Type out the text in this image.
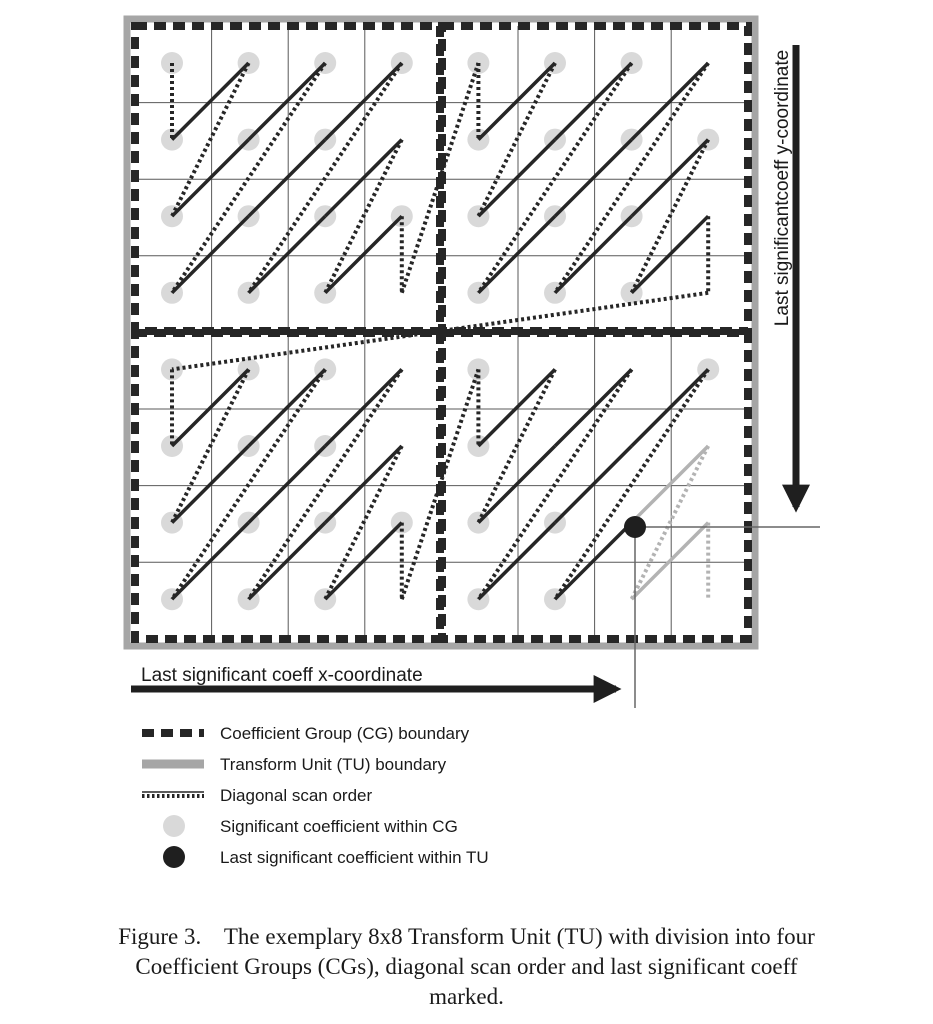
Last significantcoeff y-coordinate
Last significant coeff x-coordinate
Coefficient Group (CG) boundary
Transform Unit (TU) boundary
Diagonal scan order
Significant coefficient within CG
Last significant coefficient within TU
Figure 3.    The exemplary 8x8 Transform Unit (TU) with division into four
Coefficient Groups (CGs), diagonal scan order and last significant coeff
marked.
